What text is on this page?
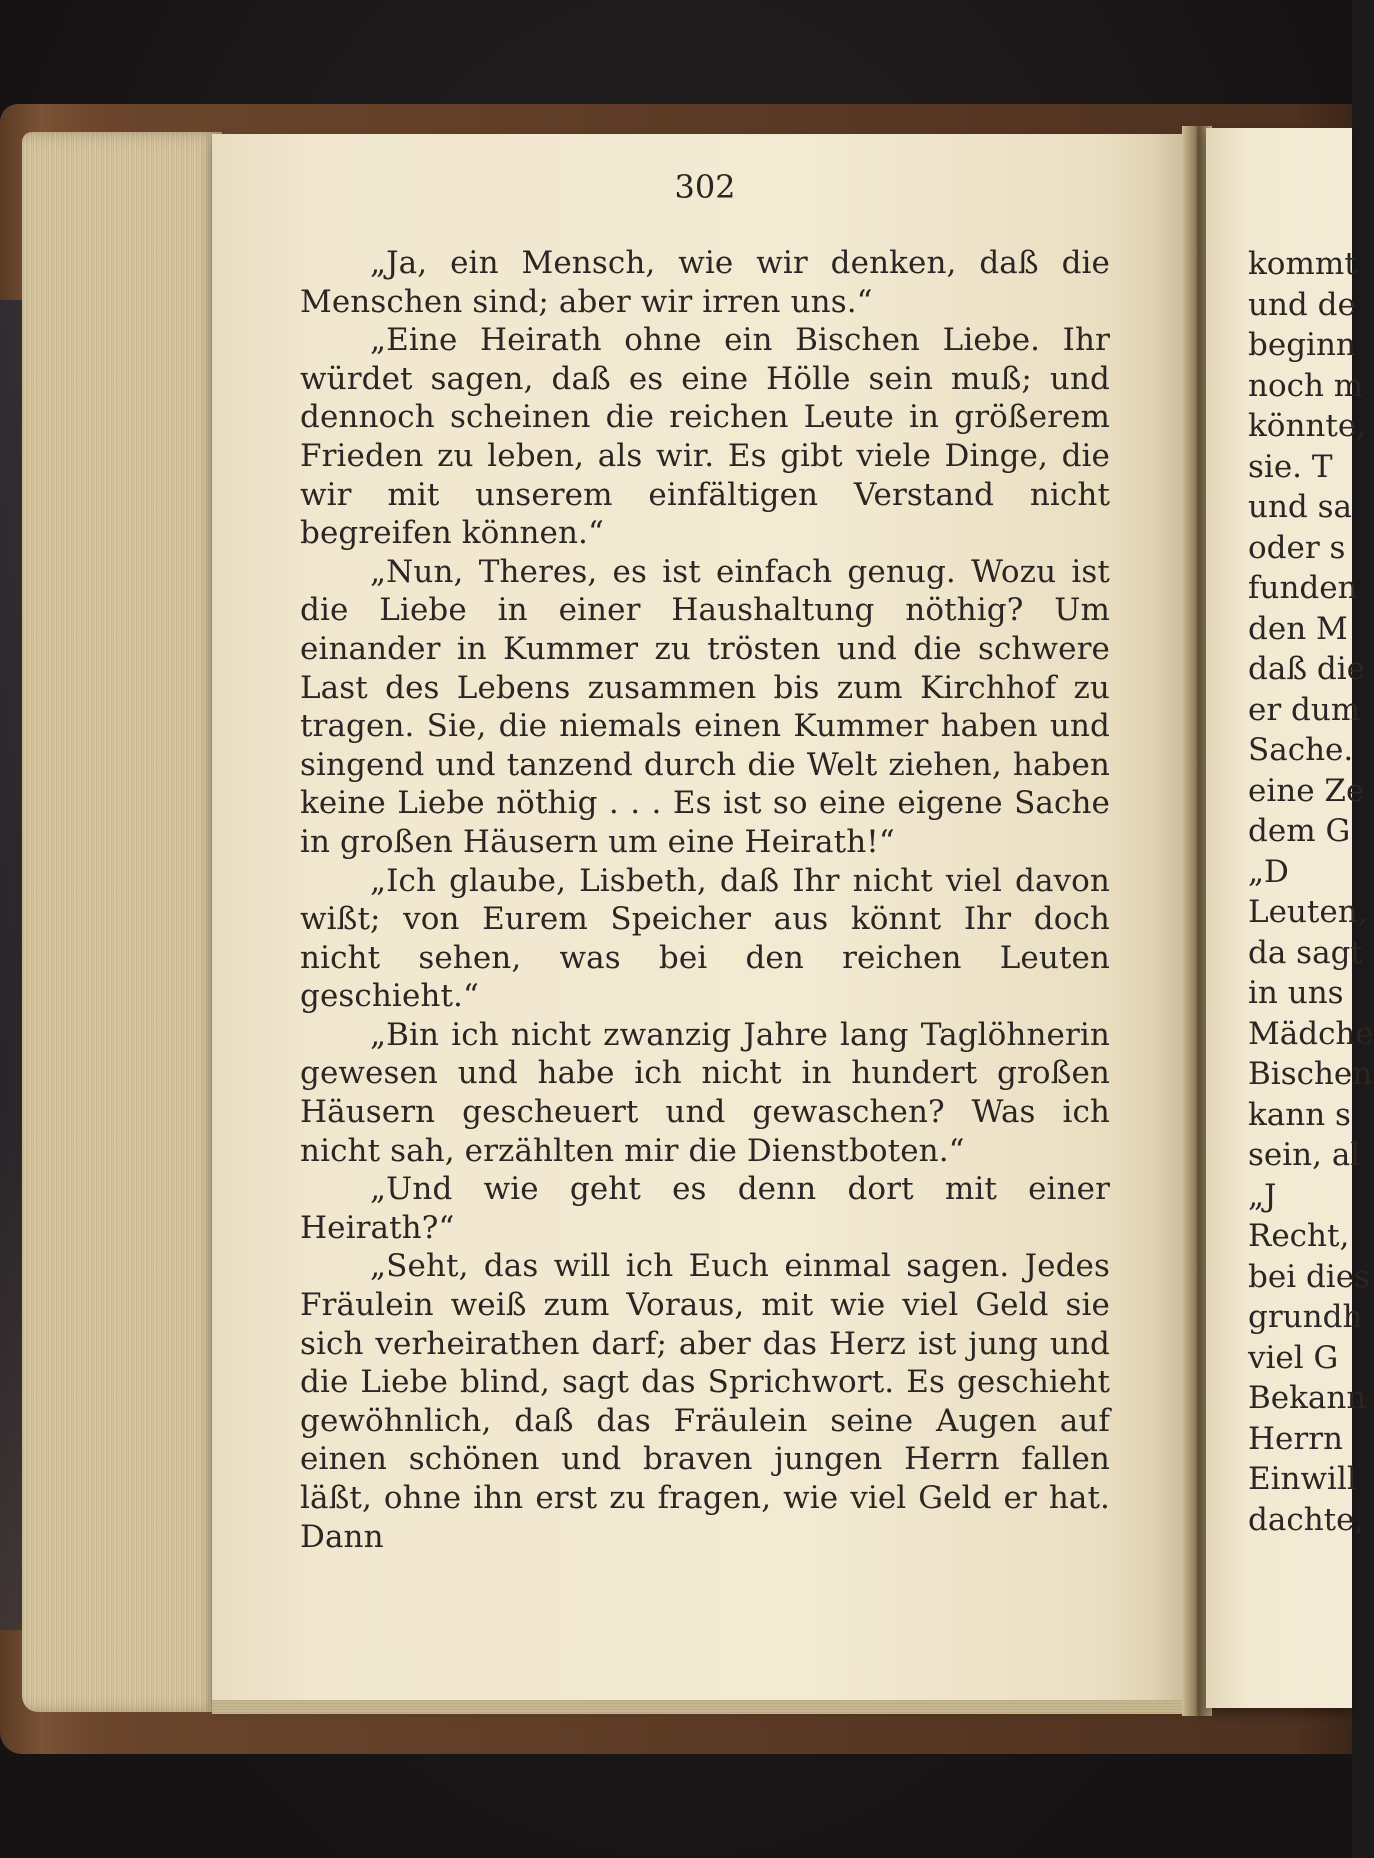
302

„Ja, ein Mensch, wie wir denken, daß die Menschen sind; aber wir irren uns.“

„Eine Heirath ohne ein Bischen Liebe. Ihr würdet sagen, daß es eine Hölle sein muß; und dennoch scheinen die reichen Leute in größerem Frieden zu leben, als wir. Es gibt viele Dinge, die wir mit unserem einfältigen Verstand nicht begreifen können.“

„Nun, Theres, es ist einfach genug. Wozu ist die Liebe in einer Haushaltung nöthig? Um einander in Kummer zu trösten und die schwere Last des Lebens zusammen bis zum Kirchhof zu tragen. Sie, die niemals einen Kummer haben und singend und tanzend durch die Welt ziehen, haben keine Liebe nöthig . . . Es ist so eine eigene Sache in großen Häusern um eine Heirath!“

„Ich glaube, Lisbeth, daß Ihr nicht viel davon wißt; von Eurem Speicher aus könnt Ihr doch nicht sehen, was bei den reichen Leuten geschieht.“

„Bin ich nicht zwanzig Jahre lang Taglöhnerin gewesen und habe ich nicht in hundert großen Häusern gescheuert und gewaschen? Was ich nicht sah, erzählten mir die Dienstboten.“

„Und wie geht es denn dort mit einer Heirath?“

„Seht, das will ich Euch einmal sagen. Jedes Fräulein weiß zum Voraus, mit wie viel Geld sie sich verheirathen darf; aber das Herz ist jung und die Liebe blind, sagt das Sprichwort. Es geschieht gewöhnlich, daß das Fräulein seine Augen auf einen schönen und braven jungen Herrn fallen läßt, ohne ihn erst zu fragen, wie viel Geld er hat. Dann

kommt
und de
beginn
noch m
könnte,
sie. T
und sa
oder s
funden
den M
daß die
er dum
Sache.
eine Ze
dem G
„D
Leuten,
da sagt
in uns
Mädche
Bischen
kann s
sein, al
„J
Recht,
bei dies
grundh
viel G
Bekann
Herrn
Einwill
dachte,
